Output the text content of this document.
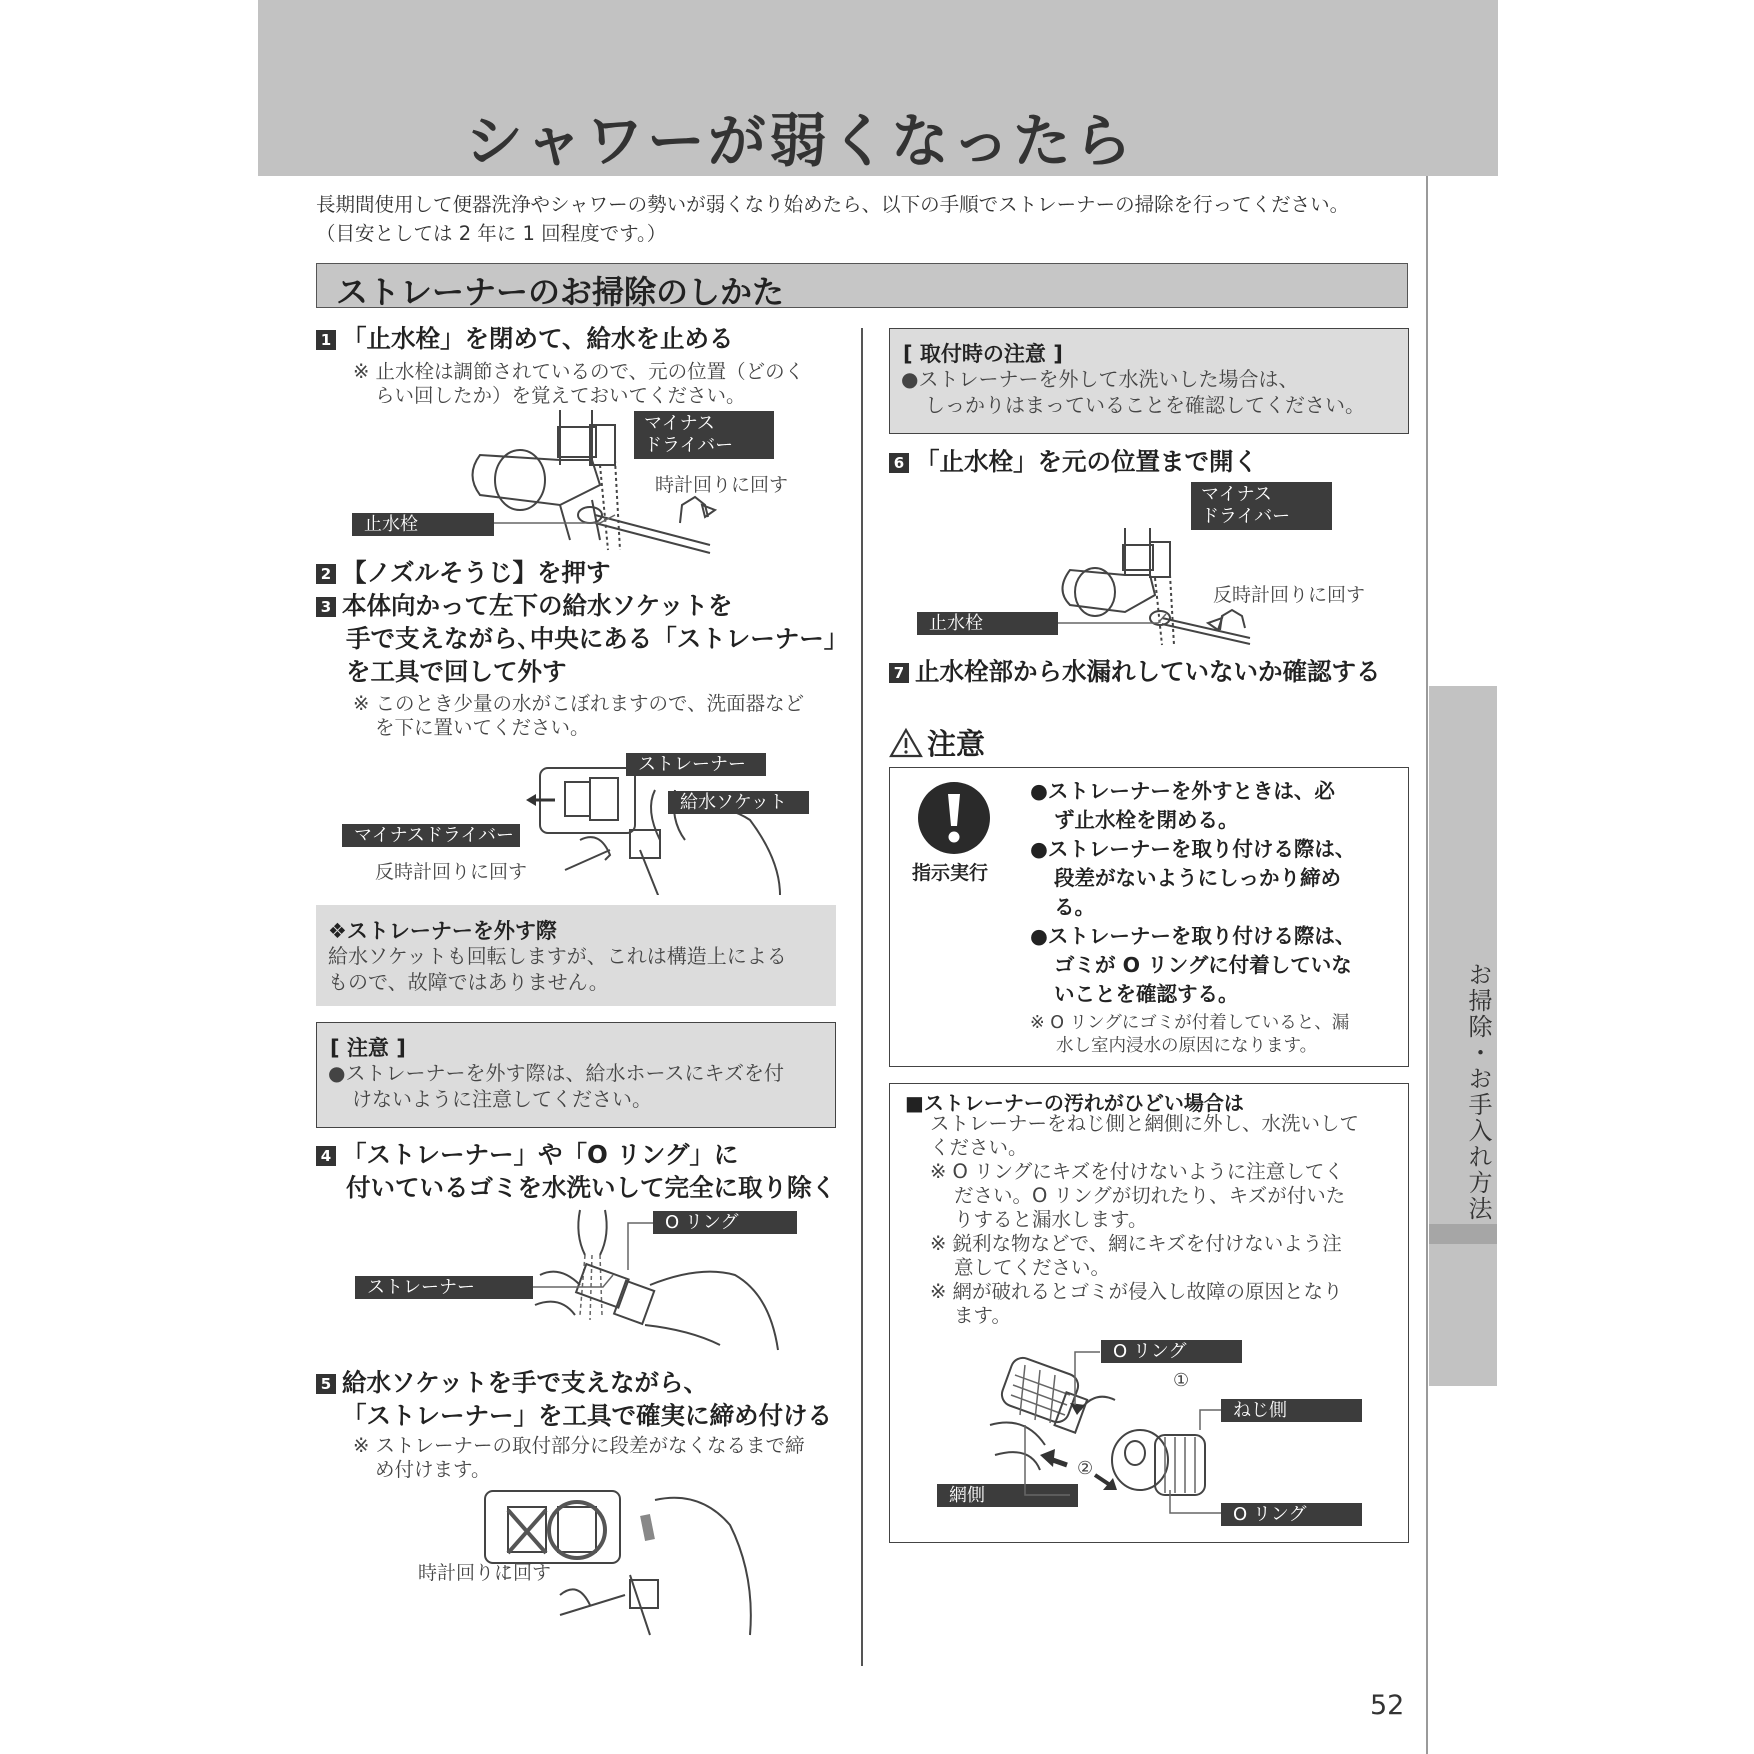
シャワーが弱くなったら
お掃除・お手入れ方法
長期間使用して便器洗浄やシャワーの勢いが弱くなり始めたら、以下の手順でストレーナーの掃除を行ってください。
（目安としては 2 年に 1 回程度です。）
ストレーナーのお掃除のしかた
1 「止水栓」を閉めて、給水を止める
※ 止水栓は調節されているので、元の位置（どのく
らい回したか）を覚えておいてください。
マイナス
ドライバー
時計回りに回す
止水栓
2 【ノズルそうじ】を押す
3 本体向かって左下の給水ソケットを
手で支えながら､中央にある「ストレーナー」
を工具で回して外す
※ このとき少量の水がこぼれますので、洗面器など
を下に置いてください。
ストレーナー
給水ソケット
マイナスドライバー
反時計回りに回す
❖ストレーナーを外す際
給水ソケットも回転しますが、これは構造上による
もので、故障ではありません。
[ 注意 ]
●ストレーナーを外す際は、給水ホースにキズを付
けないように注意してください。
4 「ストレーナー」や「O リング」に
付いているゴミを水洗いして完全に取り除く
O リング
ストレーナー
5 給水ソケットを手で支えながら、
「ストレーナー」を工具で確実に締め付ける
※ ストレーナーの取付部分に段差がなくなるまで締
め付けます。
時計回りに回す
[ 取付時の注意 ]
●ストレーナーを外して水洗いした場合は、
しっかりはまっていることを確認してください。
6 「止水栓」を元の位置まで開く
マイナス
ドライバー
反時計回りに回す
止水栓
7 止水栓部から水漏れしていないか確認する
注意
指示実行
●ストレーナーを外すときは、必
ず止水栓を閉める。
●ストレーナーを取り付ける際は、
段差がないようにしっかり締め
る。
●ストレーナーを取り付ける際は、
ゴミが O リングに付着していな
いことを確認する。
※ O リングにゴミが付着していると、漏
水し室内浸水の原因になります。
■ストレーナーの汚れがひどい場合は
ストレーナーをねじ側と網側に外し、水洗いして
ください。
※ O リングにキズを付けないように注意してく
ださい。O リングが切れたり、キズが付いた
りすると漏水します。
※ 鋭利な物などで、網にキズを付けないよう注
意してください。
※ 網が破れるとゴミが侵入し故障の原因となり
ます。
O リング
①
ねじ側
②
網側
O リング
52
